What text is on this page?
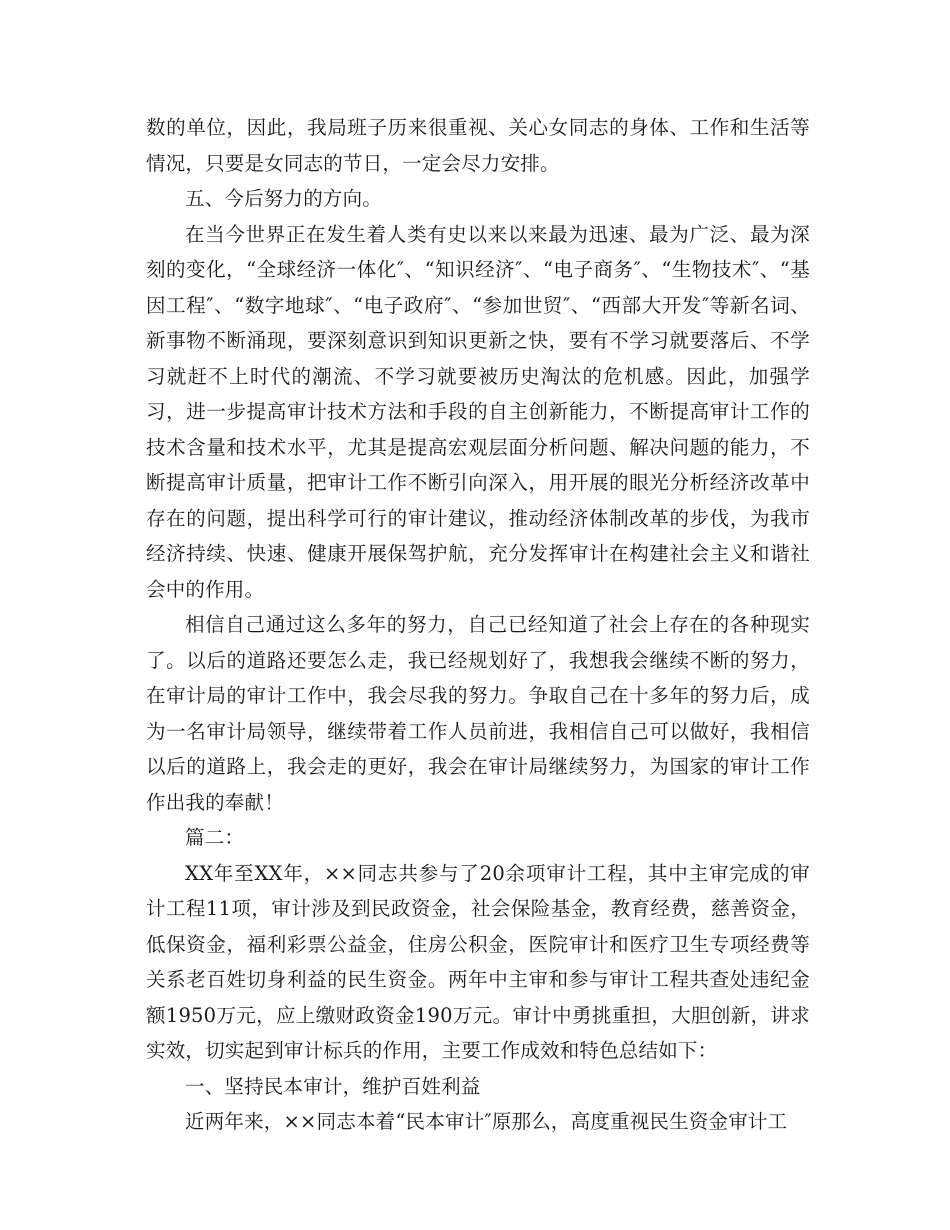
数的单位，因此，我局班子历来很重视、关心女同志的身体、工作和生活等情况，只要是女同志的节日，一定会尽力安排。

五、今后努力的方向。

在当今世界正在发生着人类有史以来以来最为迅速、最为广泛、最为深刻的变化，“全球经济一体化″、“知识经济″、“电子商务″、“生物技术″、“基因工程″、“数字地球″、“电子政府″、“参加世贸″、“西部大开发″等新名词、新事物不断涌现，要深刻意识到知识更新之快，要有不学习就要落后、不学习就赶不上时代的潮流、不学习就要被历史淘汰的危机感。因此，加强学习，进一步提高审计技术方法和手段的自主创新能力，不断提高审计工作的技术含量和技术水平，尤其是提高宏观层面分析问题、解决问题的能力，不断提高审计质量，把审计工作不断引向深入，用开展的眼光分析经济改革中存在的问题，提出科学可行的审计建议，推动经济体制改革的步伐，为我市经济持续、快速、健康开展保驾护航，充分发挥审计在构建社会主义和谐社会中的作用。

相信自己通过这么多年的努力，自己已经知道了社会上存在的各种现实了。以后的道路还要怎么走，我已经规划好了，我想我会继续不断的努力，在审计局的审计工作中，我会尽我的努力。争取自己在十多年的努力后，成为一名审计局领导，继续带着工作人员前进，我相信自己可以做好，我相信以后的道路上，我会走的更好，我会在审计局继续努力，为国家的审计工作作出我的奉献！

篇二：

XX年至XX年，××同志共参与了20余项审计工程，其中主审完成的审计工程11项，审计涉及到民政资金，社会保险基金，教育经费，慈善资金，低保资金，福利彩票公益金，住房公积金，医院审计和医疗卫生专项经费等关系老百姓切身利益的民生资金。两年中主审和参与审计工程共查处违纪金额1950万元，应上缴财政资金190万元。审计中勇挑重担，大胆创新，讲求实效，切实起到审计标兵的作用，主要工作成效和特色总结如下：

一、坚持民本审计，维护百姓利益

近两年来，××同志本着“民本审计″原那么，高度重视民生资金审计工
